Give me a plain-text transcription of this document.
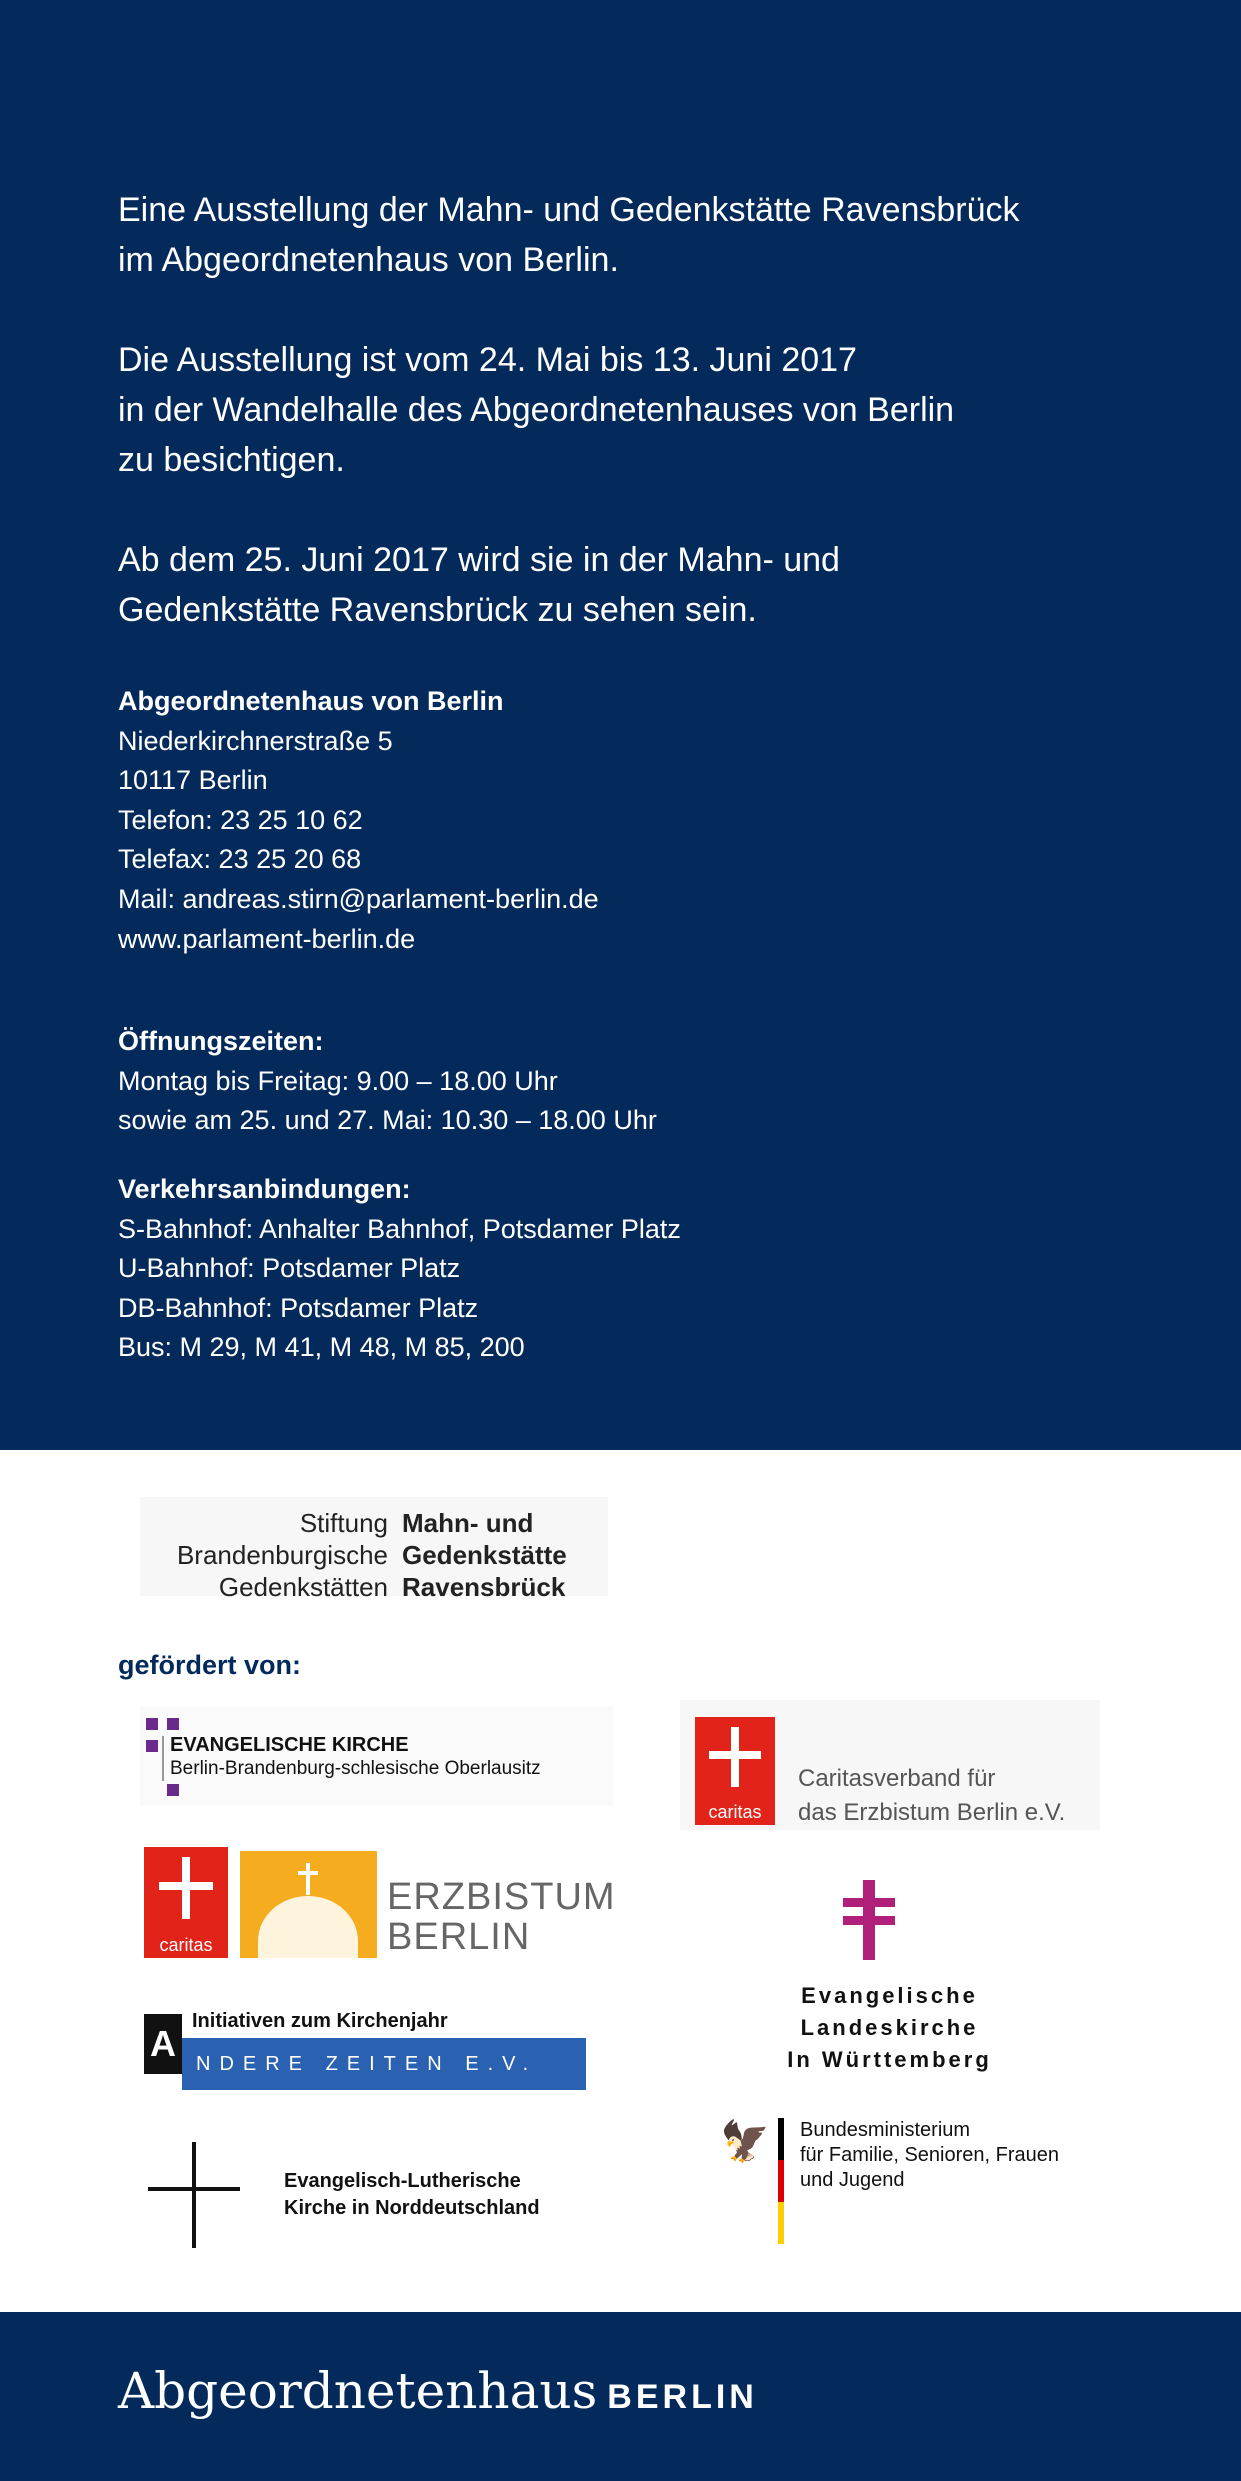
Eine Ausstellung der Mahn- und Gedenkstätte Ravensbrück
im Abgeordnetenhaus von Berlin.

Die Ausstellung ist vom 24. Mai bis 13. Juni 2017
in der Wandelhalle des Abgeordnetenhauses von Berlin
zu besichtigen.

Ab dem 25. Juni 2017 wird sie in der Mahn- und
Gedenkstätte Ravensbrück zu sehen sein.

Abgeordnetenhaus von Berlin
Niederkirchnerstraße 5
10117 Berlin
Telefon: 23 25 10 62
Telefax: 23 25 20 68
Mail: andreas.stirn@parlament-berlin.de
www.parlament-berlin.de
Öffnungszeiten:
Montag bis Freitag: 9.00 – 18.00 Uhr
sowie am 25. und 27. Mai: 10.30 – 18.00 Uhr
Verkehrsanbindungen:
S-Bahnhof: Anhalter Bahnhof, Potsdamer Platz
U-Bahnhof: Potsdamer Platz
DB-Bahnhof: Potsdamer Platz
Bus: M 29, M 41, M 48, M 85, 200
Stiftung
Brandenburgische
Gedenkstätten
Mahn- und
Gedenkstätte
Ravensbrück
gefördert von:
EVANGELISCHE KIRCHE
Berlin-Brandenburg-schlesische Oberlausitz
caritas
Caritasverband für
das Erzbistum Berlin e.V.
caritas
ERZBISTUM
BERLIN
Evangelische Landeskirche
In Württemberg
A
Initiativen zum Kirchenjahr
NDERE ZEITEN E.V.
Evangelisch-Lutherische
Kirche in Norddeutschland
🦅 Bundesministerium
für Familie, Senioren, Frauen
und Jugend
Abgeordnetenhaus BERLIN
